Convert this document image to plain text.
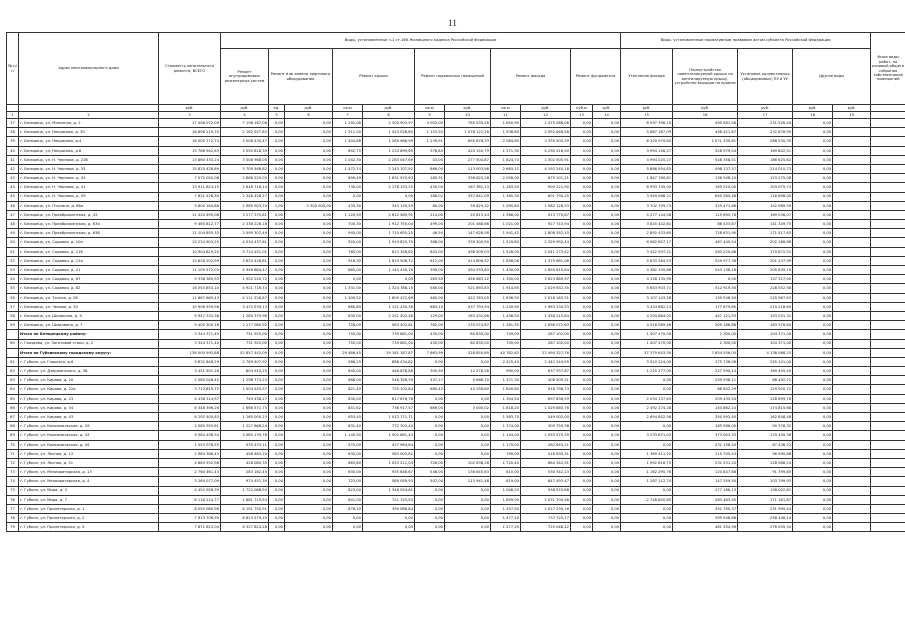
11
№ п/п	Адрес многоквартирного дома	Стоимость капитального ремонта, ВСЕГО	Виды, установленные ч.1 ст.166 Жилищного кодекса Российской Федерации											Виды, установленные нормативным правовым актом субъекта Российской Федерации					Иные виды работ, на разовый общего собрания собственников помещений
			Ремонт внутридомовых инженерных систем	Ремонт или замена лифтового оборудования		Ремонт крыши		Ремонт подвальных помещений		Ремонт фасада		Ремонт фундамента		Утепление фасада	Переустройство невентилируемой крыши на вентилируемую крышу, устройство выходов на кровлю	Установка коллективных (общедомовых) ПУ и УУ	Другие виды		
		руб.	руб.	ед.	руб.	кв.м	руб.	кв.м	руб.	кв.м	руб.	куб.м	руб.	руб.	руб.	руб.	руб.	руб.	
1	2	3	4	5	6	7	8	9	10	11	12	13	14	15	16	17	18	19	
37	г. Белорецк, ул. Мопсигоа, д. 2	17 406 072,09	7 198 167,06	0,00	0,00	1 291,08	2 300 903,97	4 003,00	785 535,26	1 650,90	2 475 086,08	0,00	0,00	6 097 396,15	495 581,58	231 526,40	0,00		
38	г. Белорецк, ул. Некрасова, д. 30	16 898 219,70	2 162 557,83	0,00	0,00	1 311,00	1 423 026,60	1 153,50	1 078 122,16	1 938,60	2 992 648,58	0,00	0,00	5 887 167,09	498 421,87	232 878,90	0,00		
39	г. Белорецк, ул. Некрасова, д.4	18 005 772,74	3 008 430,47	0,00	0,00	1 404,68	1 269 986,99	1 239,91	695 878,33	2 084,80	3 339 500,39	0,00	0,00	6 120 979,85	1 071 330,61	266 530,35	0,00		
40	г. Белорецк, ул. Некрасова, д.6	15 766 942,63	3 050 818,39	0,00	0,00	692,75	1 234 899,69	378,64	420 150,79	1 371,30	4 290 216,50	0,00	0,00	3 994 156,27	528 979,04	169 802,51	0,00		
41	г. Белорецк, ул. Н. Чернова, д. 22б	13 860 433,24	3 008 968,05	0,00	0,00	1 042,30	2 283 047,69	43,00	277 504,87	1 824,74	1 302 505,91	0,00	0,00	4 994 025,27	548 358,51	186 625,62	0,00		
42	г. Белорецк, ул. Н. Чернова, д. 35	15 825 428,89	3 709 468,82	0,00	0,00	1 472,74	2 243 707,92	866,00	113 003,98	2 663,11	4 193 245,18	0,00	0,00	5 886 954,83	498 137,57	214 010,73	0,00		
43	г. Белорецк, ул. Н. Чернова, д. 45	7 572 055,08	2 868 225,05	0,00	0,00	699,49	1 631 970,63	185,31	336 625,28	2 058,00	675 101,21	0,00	0,00	1 847 780,81	136 548,10	123 275,08	0,00		
44	г. Белорецк, ул. Н. Чернова, д. 41	13 911 824,15	2 646 716,14	0,00	0,00	730,00	2 178 153,25	430,00	167 381,13	1 283,50	900 221,90	0,00	0,00	6 993 749,00	169 320,00	103 079,74	0,00		
45	г. Белорецк, ул. Н. Чернова, д. 59	7 821 428,30	2 348 428,27	0,00	0,00	0,00	0,00	286,02	357 841,09	1 365,30	601 794,25	0,00	0,00	3 949 068,21	640 365,48	116 898,00	0,00		
46	г. Белорецк, ул. Птонина, д. 68а	9 600 164,88	2 985 903,70	1,00	3 300 000,00	435,30	343 130,59	80,00	39 629,32	1 095,80	1 582 128,33	0,00	0,00	3 702 705,73	329 471,66	152 989,50	0,00		
47	г. Белорецк, ул. Преображенская, д. 43	11 420 495,08	3 277 370,81	0,00	0,00	1 120,50	2 612 589,91	214,00	20 813,44	1 368,00	913 770,87	0,00	0,00	5 277 144,08	115 695,78	169 036,07	0,00		
48	г. Белорецк, ул. Преображенская, д. 63а	9 460 812,77	2 338 228,18	0,00	0,00	700,30	1 912 755,04	499,00	201 468,66	1 021,00	927 743,94	0,00	0,00	3 845 442,81	88 433,67	141 349,75	0,00		
49	г. Белорецк, ул. Преображенская, д. 63б	11 104 855,33	3 599 307,49	0,00	0,00	940,00	1 710 655,25	46,50	147 626,58	1 941,42	1 808 352,10	0,00	0,00	2 892 433,65	728 631,90	171 517,83	0,00		
50	г. Белорецк, ул. Садовая, д. 10а	15 234 903,25	4 034 437,61	0,00	0,00	920,00	1 919 825,75	368,00	339 300,90	1 529,80	2 329 992,44	0,00	0,00	6 062 657,17	467 440,44	202 166,68	0,00		
51	г. Белорецк, ул. Садовая, д. 11б	10 904 819,25	3 714 451,01	0,00	0,00	785,00	813 346,62	843,00	498 509,03	1 526,00	2 041 273,42	0,00	0,00	3 452 597,21	263 220,66	170 872,51	0,00		
52	г. Белорецк, ул. Садовая, д. 13а	15 628 202,99	3 820 428,81	0,00	0,00	918,30	1 819 506,72	612,00	414 806,52	1 856,06	1 379 681,06	0,00	0,00	5 633 264,53	529 977,36	201 237,99	0,00		
53	г. Белорецк, ул. Садовая, д. 21	11 109 572,03	4 946 664,47	0,00	0,00	865,00	1 145 435,76	399,00	494 933,63	1 430,00	2 895 615,64	0,00	0,00	4 382 335,66	543 138,16	205 839,15	0,00		
54	г. Белорецк, ул. Садовая, д. 67	9 338 385,93	1 952 240,72	0,00	0,00	0,00	0,00	263,50	456 683,12	1 300,00	3 623 889,97	0,00	0,00	4 128 135,99	0,00	157 327,00	0,00		
55	г. Белорецк, ул. Садовая, д. 82	16 353 853,10	4 921 716,74	0,00	0,00	1 331,00	1 324 788,15	580,00	521 693,83	1 914,65	2 029 632,35	0,00	0,00	5 653 903,71	512 919,50	228 052,58	0,00		
56	г. Белорецк, ул. Точная, д. 28	11 867 665,43	4 111 226,87	0,00	0,00	1 400,52	1 809 472,69	460,00	422 763,05	1 636,50	2 018 163,31	0,00	0,00	3 107 143,28	139 546,50	225 987,63	0,00		
57	г. Белорецк, ул. Чехова, д. 30	10 906 939,96	3 472 539,13	0,00	0,00	860,89	1 121 430,36	683,10	437 793,94	1 249,90	1 963 230,53	0,00	0,00	3 424 682,13	177 679,80	219 218,60	0,00		
58	г. Белорецк, ул. Шкирьяна, д. 5	9 947 332,38	1 260 379,96	0,00	0,00	830,00	2 251 402,48	129,00	163 432,66	1 458,50	1 458 215,84	0,00	0,00	4 294 864,01	447 121,53	153 031,31	0,00		
59	г. Белорецк, ул. Шмолвина, д. 7	9 400 300,16	2 277 080,92	0,00	0,00	728,00	563 402,81	782,00	133 074,87	1 281,55	1 096 072,63	0,00	0,00	4 516 069,46	309 186,88	163 376,65	0,00		
	Итого по Белорецкому району:	3 344 371,40	751 925,00	0,00	0,00	750,00	739 681,00	430,00	80 830,00	749,00	287 102,00	0,00	0,00	1 407 470,00	2 300,00	104 371,00	0,00		
60	г. Гвоздево, ул. Заготовай стаки, д. 2	3 344 371,40	731 925,00	0,00	0,00	750,00	739 681,00	430,00	80 830,00	749,00	287 102,00	0,00	0,00	1 407 470,00	2 300,00	104 371,00	0,00		
	Итого по Губкинскому городскому округу:	138 000 993,88	52 857 442,09	0,00	0,00	29 486,45	19 181 187,87	7 663,99	328 850,69	40 782,62	22 490 327,76	0,00	0,00	37 379 643,30	7 654 556,00	4 138 068,23	0,00		
61	г. Губкин, ул. Горького, д.6	9 832 846,29	2 769 407,92	0,00	0,00	586,25	888 434,82	0,00	0,00	2 425,40	2 442 244,95	0,00	0,00	3 510 224,09	275 736,06	255 101,00	0,00		
62	г. Губкин, ул. Дзержинского, д. 38	3 451 591,26	804 910,25	0,00	0,00	640,00	446 678,88	300,90	12 276,26	990,00	637 937,87	0,00	0,00	1 225 277,00	227 390,14	169 455,40	0,00		
63	г. Губкин, ул. Кирова, д. 20	2 565 048,45	1 298 773,23	0,00	0,00	666,00	546 356,39	437,27	5 668,70	1 371,30	408 509,31	0,00	0,00	0,00	259 938,11	88 492,72	0,00		
64	г. Губкин, ул. Кирова, д. 22а	3 712 819,72	1 004 545,57	0,00	0,00	821,40	725 102,84	680,42	45 258,60	1 849,80	918 798,74	0,00	0,00	0,00	88 842,29	129 920,72	0,00		
65	г. Губкин, ул. Кирова, д. 23	4 438 314,97	749 438,27	0,00	0,00	830,00	617 676,76	0,00	0,00	1 304,50	697 836,59	0,00	0,00	2 034 137,63	209 435,54	128 899,78	0,00		
66	г. Губкин, ул. Кирова, д. 34	6 348 396,26	1 666 571,75	0,00	0,00	851,62	736 917,57	669,00	3 000,02	1 818,20	1 029 885,76	0,00	0,00	2 492 274,28	140 862,14	174 815,68	0,00		
67	г. Губкин, ул. Кирова, д. 43	6 292 400,83	1 160 000,23	0,00	0,00	653,40	1 012 771,71	0,00	0,00	1 563,70	549 002,00	0,00	0,00	2 694 802,56	350 992,40	162 848,48	0,00		
68	г. Губкин, ул. Комсомольская, д. 29	2 585 355,61	1 227 666,24	0,00	0,00	831,40	772 302,40	0,00	0,00	1 374,00	309 759,38	0,00	0,00	0,00	185 586,00	90 376,32	0,00		
69	г. Губкин, ул. Комсомольская, д. 43	9 564 458,34	3 085 139,78	0,00	0,00	1 140,50	1 502 681,43	0,00	0,00	1 144,00	1 055 270,39	0,00	0,00	3 233 871,03	373 003,33	170 450,38	0,00		
70	г. Губкин, ул. Комсомольская, д. 45	1 553 078,55	535 433,11	0,00	0,00	570,00	437 964,64	0,00	0,00	1 179,00	282 645,21	0,00	0,00	0,00	231 156,44	67 438,22	0,00		
71	г. Губкин, ул. Лесная, д. 13	2 984 386,43	458 483,20	0,00	0,00	630,00	583 003,81	0,00	0,00	790,00	418 630,31	0,00	0,00	1 369 411,22	215 705,43	96 990,86	0,00		
72	г. Губкин, ул. Лесная, д. 21	4 663 932,98	428 080,35	0,00	0,00	663,60	1 053 211,04	728,00	102 638,28	1 720,40	664 342,91	0,00	0,00	1 992 816,75	231 531,20	128 988,24	0,00		
73	г. Губкин, ул. Мелиораторская, д. 13	2 760 461,43	283 162,45	0,00	0,00	630,00	935 648,67	548,00	136 645,63	810,00	530 342,23	0,00	0,00	1 162 295,76	120 847,88	91 399,85	0,00		
74	г. Губкин, ул. Мелиораторская, д. 4	3 264 077,09	974 451,39	0,00	0,00	723,00	589 059,93	507,00	113 941,48	819,00	647 493,47	0,00	0,00	1 287 112,74	147 359,50	103 799,93	0,00		
75	г. Губкин, ул. Мира, д. 3	4 452 958,39	1 722 068,50	0,00	0,00	823,00	1 346 554,61	0,00	0,00	1 006,20	938 970,88	0,00	0,00	0,00	277 186,13	138 002,81	0,00		
76	г. Губкин, ул. Мира, д. 7	6 118 214,77	1 881 719,54	0,00	0,00	841,00	721 743,53	0,00	0,00	1 659,00	1 031 700,56	0,00	0,00	2 748 800,65	283 463,55	171 161,87	0,00		
77	г. Губкин, ул. Пролетарская, д. 1	8 050 080,96	6 191 750,91	0,00	0,00	676,10	399 086,84	0,00	0,00	1 457,50	1 027 239,16	0,00	0,00	0,00	352 790,37	231 999,44	0,00		
78	г. Губкин, ул. Пролетарская, д. 2	7 913 706,95	6 623 579,10	0,00	0,00	0,00	0,00	0,00	0,00	1 477,20	737 725,77	0,00	0,00	0,00	399 948,88	258 448,14	0,00		
79	г. Губкин, ул. Пролетарская, д. 5	7 871 623,04	6 327 824,28	0,00	0,00	0,00	0,00	0,00	0,00	1 477,20	725 048,42	0,00	0,00	0,00	481 554,96	276 095,34	0,00		
